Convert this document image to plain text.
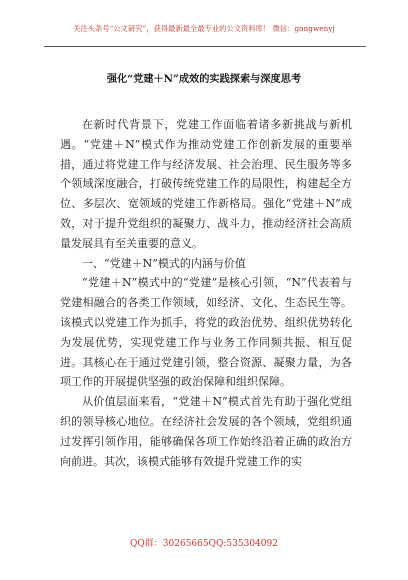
关注头条号“公文研究”，获得最新最全最专业的公文资料库！ 微信：gongwenyj
强化“党建＋N”成效的实践探索与深度思考

在新时代背景下，党建工作面临着诸多新挑战与新机遇。“党建＋N”模式作为推动党建工作创新发展的重要举措，通过将党建工作与经济发展、社会治理、民生服务等多个领域深度融合，打破传统党建工作的局限性，构建起全方位、多层次、宽领域的党建工作新格局。强化“党建＋N”成效，对于提升党组织的凝聚力、战斗力，推动经济社会高质量发展具有至关重要的意义。

一、“党建＋N”模式的内涵与价值

“党建＋N”模式中的“党建”是核心引领，“N”代表着与党建相融合的各类工作领域，如经济、文化、生态民生等。该模式以党建工作为抓手，将党的政治优势、组织优势转化为发展优势，实现党建工作与业务工作同频共振、相互促进。其核心在于通过党建引领，整合资源、凝聚力量，为各项工作的开展提供坚强的政治保障和组织保障。

从价值层面来看，“党建＋N”模式首先有助于强化党组织的领导核心地位。在经济社会发展的各个领域，党组织通过发挥引领作用，能够确保各项工作始终沿着正确的政治方向前进。其次，该模式能够有效提升党建工作的实

QQ群：30265665QQ:535304092
